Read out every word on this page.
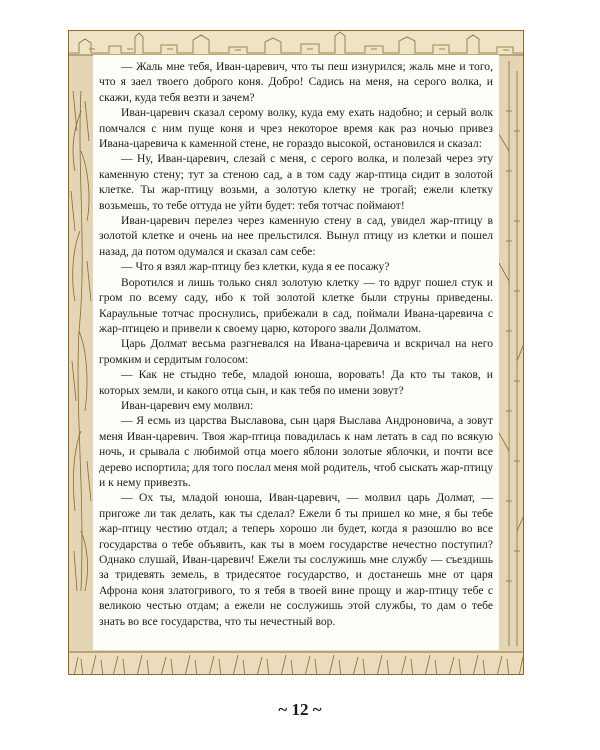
— Жаль мне тебя, Иван-царевич, что ты пеш изнурился; жаль мне и того, что я заел твоего доброго коня. Добро! Садись на меня, на серого волка, и скажи, куда тебя везти и зачем?

Иван-царевич сказал серому волку, куда ему ехать надобно; и серый волк помчался с ним пуще коня и чрез некоторое время как раз ночью привез Ивана-царевича к каменной стене, не гораздо высокой, остановился и сказал:

— Ну, Иван-царевич, слезай с меня, с серого волка, и полезай через эту каменную стену; тут за стеною сад, а в том саду жар-птица сидит в золотой клетке. Ты жар-птицу возьми, а золотую клетку не трогай; ежели клетку возьмешь, то тебе оттуда не уйти будет: тебя тотчас поймают!

Иван-царевич перелез через каменную стену в сад, увидел жар-птицу в золотой клетке и очень на нее прельстился. Вынул птицу из клетки и пошел назад, да потом одумался и сказал сам себе:

— Что я взял жар-птицу без клетки, куда я ее посажу?

Воротился и лишь только снял золотую клетку — то вдруг пошел стук и гром по всему саду, ибо к той золотой клетке были струны приведены. Караульные тотчас проснулись, прибежали в сад, поймали Ивана-царевича с жар-птицею и привели к своему царю, которого звали Долматом.

Царь Долмат весьма разгневался на Ивана-царевича и вскричал на него громким и сердитым голосом:

— Как не стыдно тебе, младой юноша, воровать! Да кто ты таков, и которых земли, и какого отца сын, и как тебя по имени зовут?

Иван-царевич ему молвил:

— Я есмь из царства Выславова, сын царя Выслава Андроновича, а зовут меня Иван-царевич. Твоя жар-птица повадилась к нам летать в сад по всякую ночь, и срывала с любимой отца моего яблони золотые яблочки, и почти все дерево испортила; для того послал меня мой родитель, чтоб сыскать жар-птицу и к нему привезть.

— Ох ты, младой юноша, Иван-царевич, — молвил царь Долмат, — пригоже ли так делать, как ты сделал? Ежели б ты пришел ко мне, я бы тебе жар-птицу честию отдал; а теперь хорошо ли будет, когда я разошлю во все государства о тебе объявить, как ты в моем государстве нечестно поступил? Однако слушай, Иван-царевич! Ежели ты сослужишь мне службу — съездишь за тридевять земель, в тридесятое государство, и достанешь мне от царя Афрона коня златогривого, то я тебя в твоей вине прощу и жар-птицу тебе с великою честью отдам; а ежели не сослужишь этой службы, то дам о тебе знать во все государства, что ты нечестный вор.

~ 12 ~
